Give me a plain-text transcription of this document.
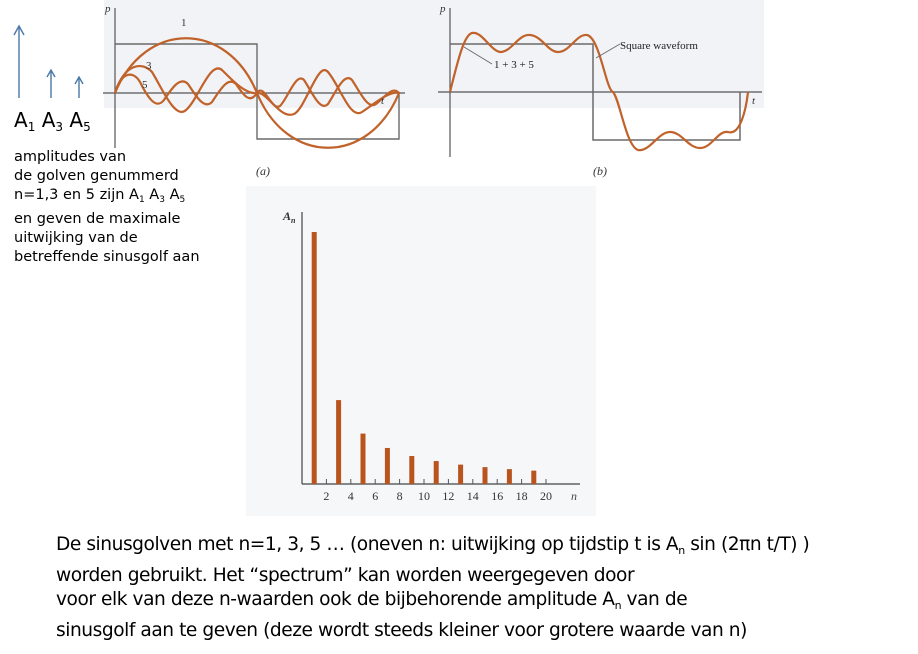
$A_1$ $A_3$ $A_5$
amplitudes van
de golven genummerd
n=1,3 en 5 zijn $A_1$ $A_3$ $A_5$
en geven de maximale
uitwijking van de
betreffende sinusgolf aan
p
t
1
3
5
(a)
1 + 3 + 5
Square waveform
p
t
(b)
2 4 6 8 10 12 14 16 18 20
$A_n$
n
De sinusgolven met n=1, 3, 5 … (oneven n: uitwijking op tijdstip t is $A_n$ sin (2πn t/T) )
worden gebruikt. Het “spectrum” kan worden weergegeven door
voor elk van deze n-waarden ook de bijbehorende amplitude $A_n$ van de
sinusgolf aan te geven (deze wordt steeds kleiner voor grotere waarde van n)
